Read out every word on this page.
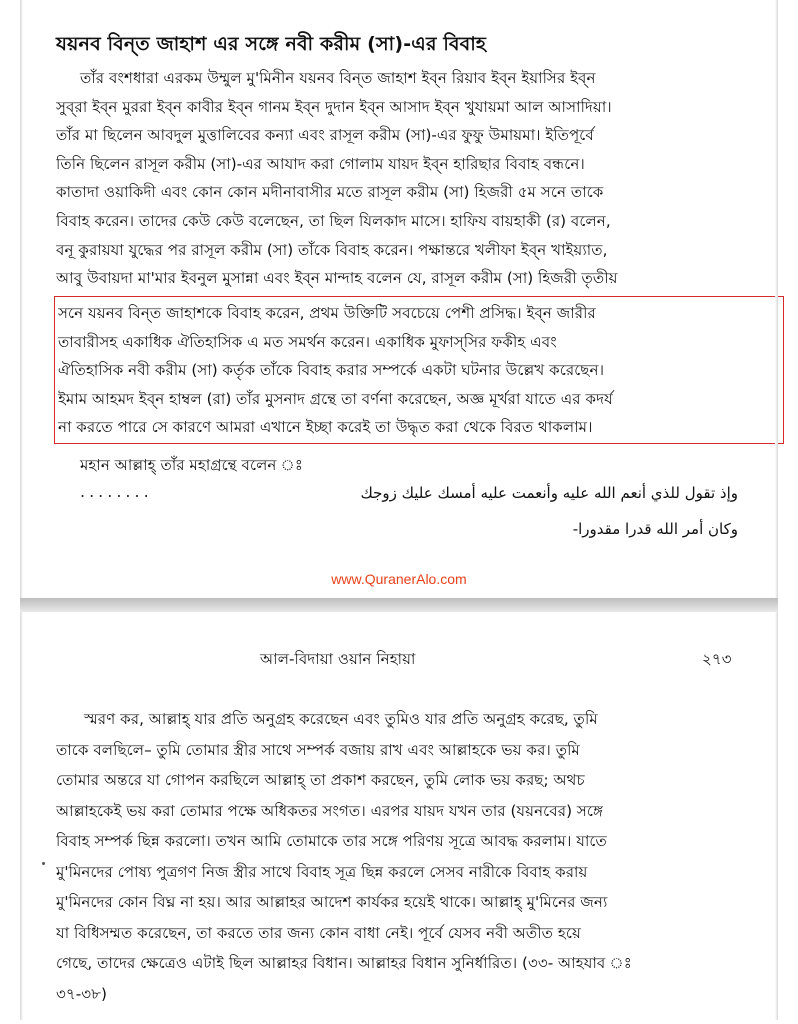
যয়নব বিন্‌ত জাহাশ এর সঙ্গে নবী করীম (সা)-এর বিবাহ

তাঁর বংশধারা এরকম উম্মুল মু'মিনীন যয়নব বিন্‌ত জাহাশ ইব্‌ন রিয়াব ইব্‌ন ইয়াসির ইব্‌ন
সুব্‌রা ইব্‌ন মুররা ইব্‌ন কাবীর ইব্‌ন গানম ইব্‌ন দুদান ইব্‌ন আসাদ ইব্‌ন খুযায়মা আল আসাদিয়া।
তাঁর মা ছিলেন আবদুল মুত্তালিবের কন্যা এবং রাসূল করীম (সা)-এর ফুফু উমায়মা। ইতিপূর্বে
তিনি ছিলেন রাসূল করীম (সা)-এর আযাদ করা গোলাম যায়দ ইব্‌ন হারিছার বিবাহ বন্ধনে।
কাতাদা ওয়াকিদী এবং কোন কোন মদীনাবাসীর মতে রাসূল করীম (সা) হিজরী ৫ম সনে তাকে
বিবাহ করেন। তাদের কেউ কেউ বলেছেন, তা ছিল যিলকাদ মাসে। হাফিয বায়হাকী (র) বলেন,
বনূ কুরায়যা যুদ্ধের পর রাসূল করীম (সা) তাঁকে বিবাহ করেন। পক্ষান্তরে খলীফা ইব্‌ন খাইয়্যাত,
আবু উবায়দা মা'মার ইবনুল মুসান্না এবং ইব্‌ন মান্দাহ বলেন যে, রাসূল করীম (সা) হিজরী তৃতীয়

সনে যয়নব বিন্‌ত জাহাশকে বিবাহ করেন, প্রথম উক্তিটি সবচেয়ে পেশী প্রসিদ্ধ। ইব্‌ন জারীর
তাবারীসহ একাধিক ঐতিহাসিক এ মত সমর্থন করেন। একাধিক মুফাস্‌সির ফকীহ এবং
ঐতিহাসিক নবী করীম (সা) কর্তৃক তাঁকে বিবাহ করার সম্পর্কে একটা ঘটনার উল্লেখ করেছেন।
ইমাম আহমদ ইব্‌ন হাম্বল (রা) তাঁর মুসনাদ গ্রন্থে তা বর্ণনা করেছেন, অজ্ঞ মূর্খরা যাতে এর কদর্য
না করতে পারে সে কারণে আমরা এখানে ইচ্ছা করেই তা উদ্ধৃত করা থেকে বিরত থাকলাম।

মহান আল্লাহ্‌ তাঁর মহাগ্রন্থে বলেন ঃ

........	وإذ تقول للذي أنعم الله عليه وأنعمت عليه أمسك عليك زوجك
وكان أمر الله قدرا مقدورا-
www.QuranerAlo.com

আল-বিদায়া ওয়ান নিহায়া	২৭৩

স্মরণ কর, আল্লাহ্‌ যার প্রতি অনুগ্রহ করেছেন এবং তুমিও যার প্রতি অনুগ্রহ করেছ, তুমি
তাকে বলছিলে– তুমি তোমার স্ত্রীর সাথে সম্পর্ক বজায় রাখ এবং আল্লাহকে ভয় কর। তুমি
তোমার অন্তরে যা গোপন করছিলে আল্লাহ্‌ তা প্রকাশ করছেন, তুমি লোক ভয় করছ; অথচ
আল্লাহকেই ভয় করা তোমার পক্ষে অধিকতর সংগত। এরপর যায়দ যখন তার (যয়নবের) সঙ্গে
বিবাহ সম্পর্ক ছিন্ন করলো। তখন আমি তোমাকে তার সঙ্গে পরিণয় সূত্রে আবদ্ধ করলাম। যাতে
মু'মিনদের পোষ্য পুত্রগণ নিজ স্ত্রীর সাথে বিবাহ সূত্র ছিন্ন করলে সেসব নারীকে বিবাহ করায়
মু'মিনদের কোন বিঘ্ন না হয়। আর আল্লাহর আদেশ কার্যকর হয়েই থাকে। আল্লাহ্‌ মু'মিনের জন্য
যা বিধিসম্মত করেছেন, তা করতে তার জন্য কোন বাধা নেই। পূর্বে যেসব নবী অতীত হয়ে
গেছে, তাদের ক্ষেত্রেও এটাই ছিল আল্লাহর বিধান। আল্লাহর বিধান সুনির্ধারিত। (৩৩- আহযাব ঃ
৩৭-৩৮)
